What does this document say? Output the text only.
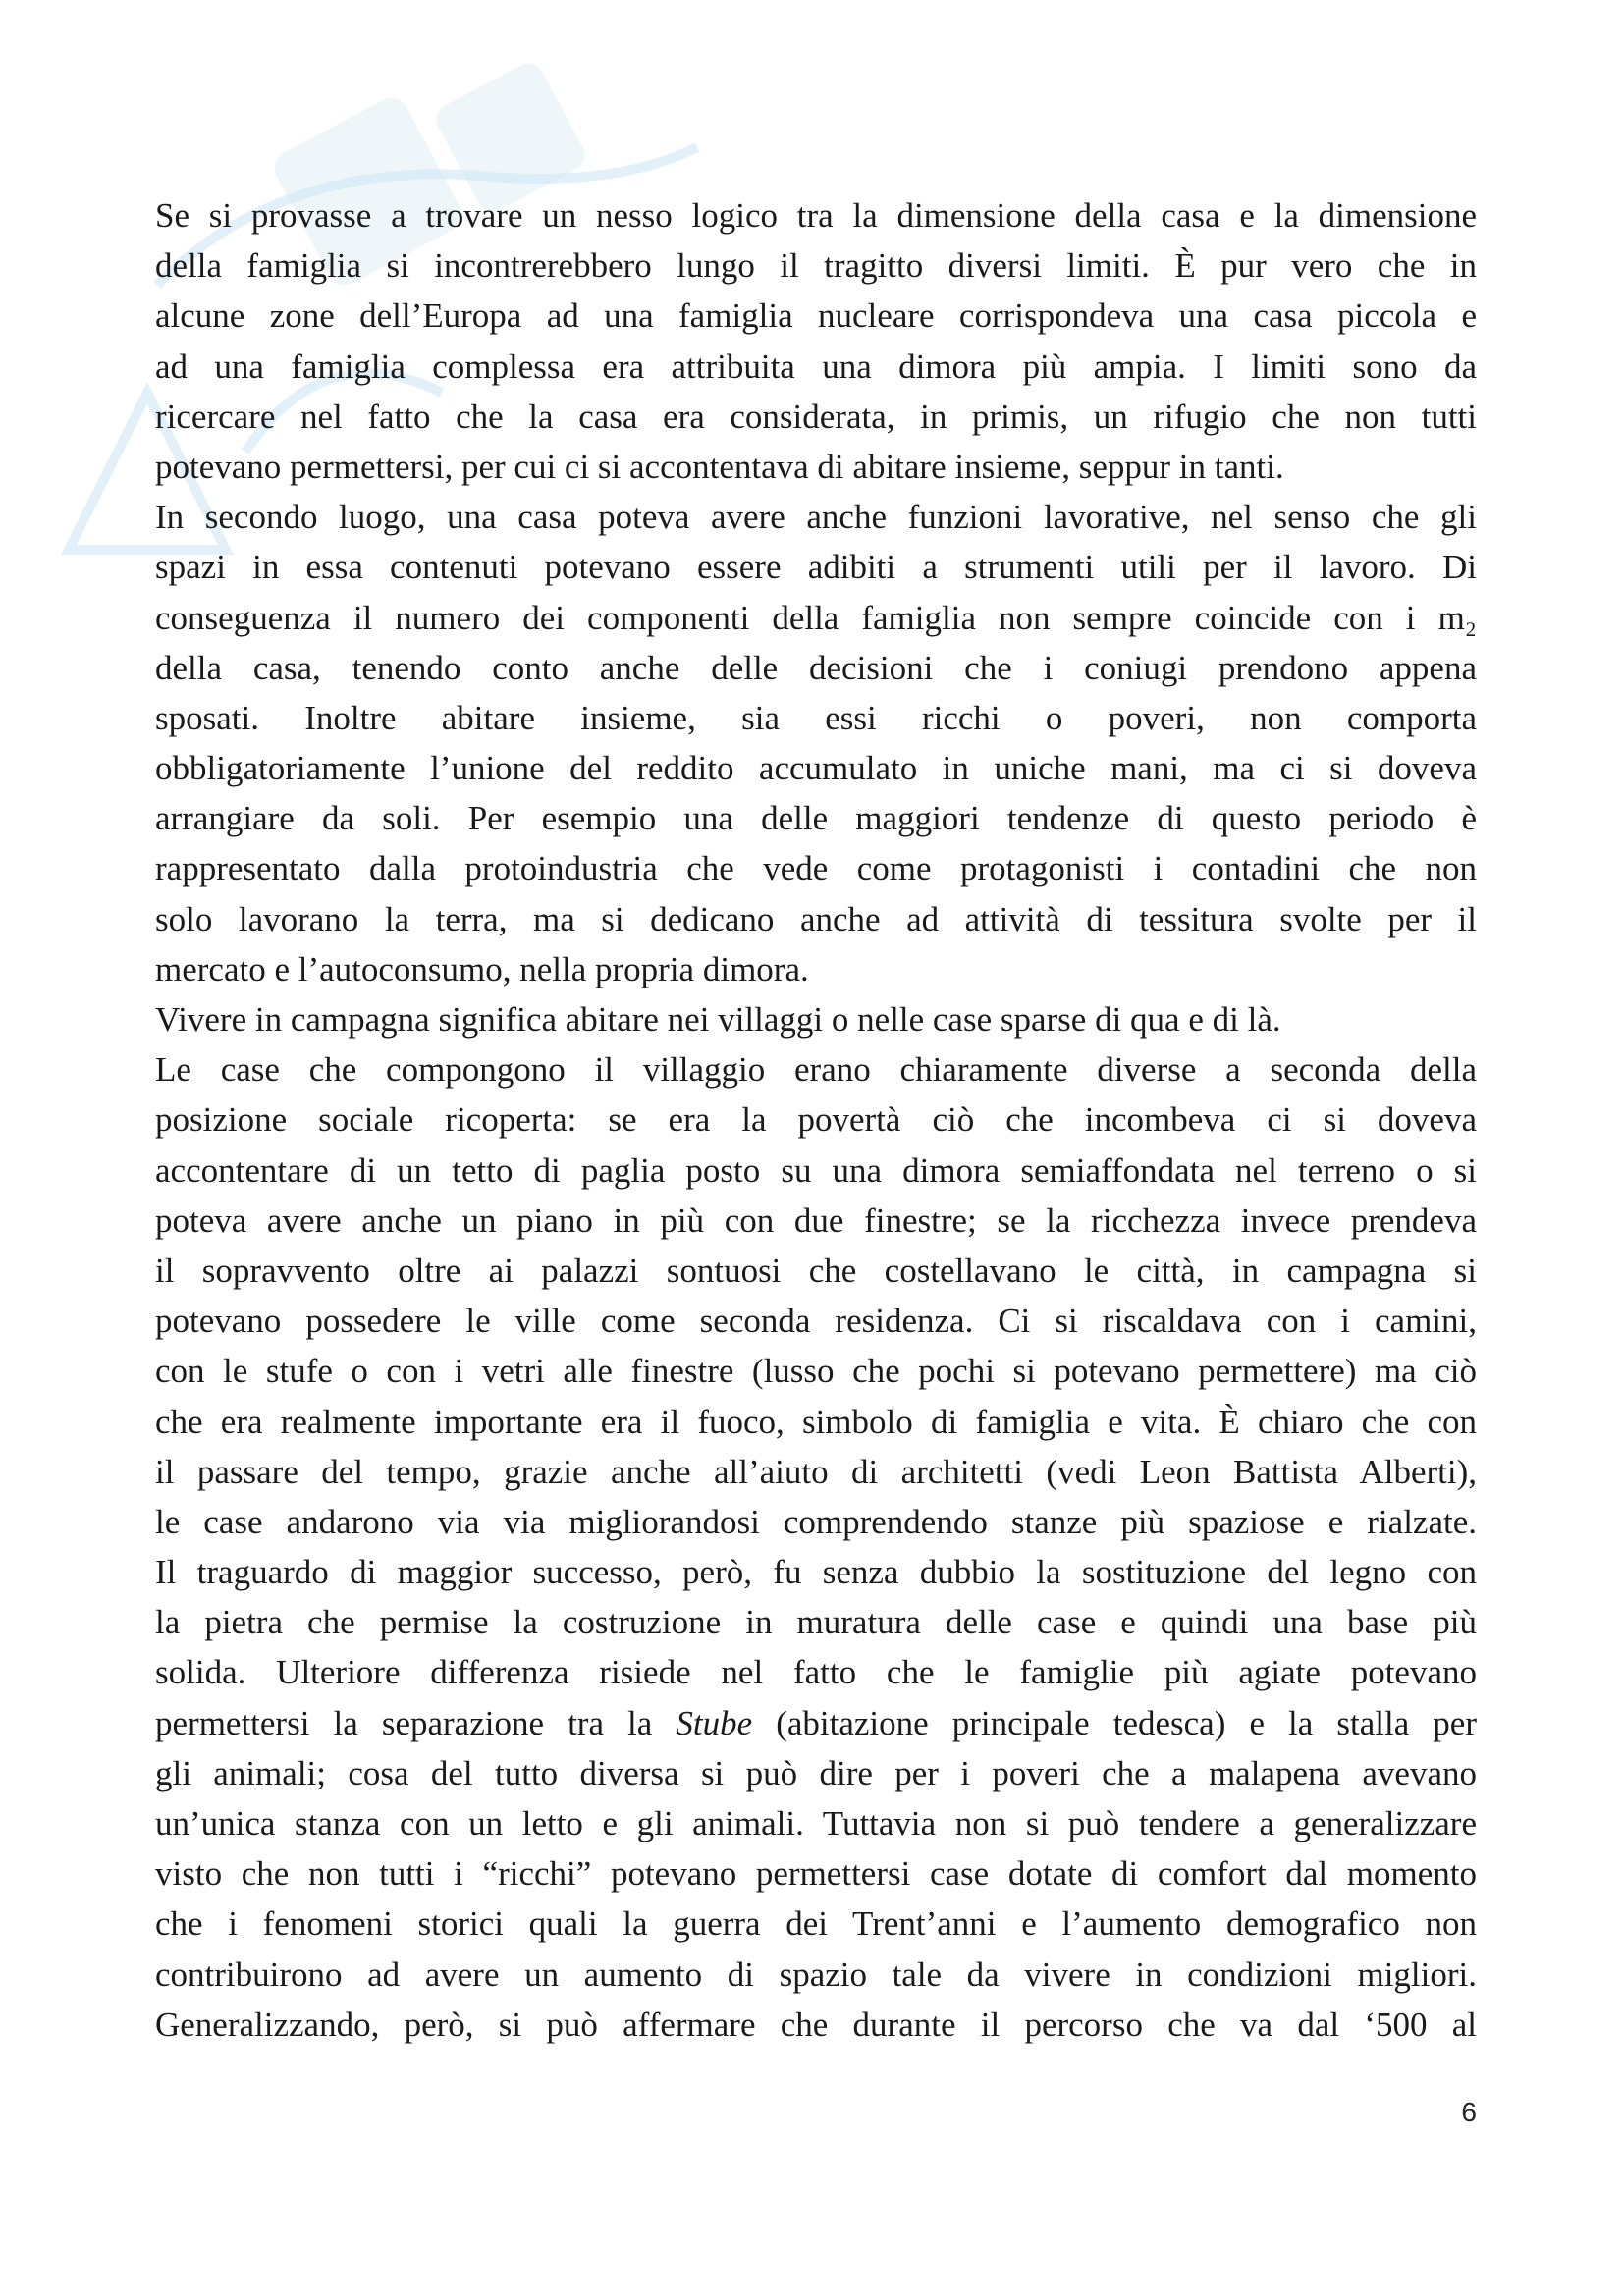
Se si provasse a trovare un nesso logico tra la dimensione della casa e la dimensione
della famiglia si incontrerebbero lungo il tragitto diversi limiti. È pur vero che in
alcune zone dell’Europa ad una famiglia nucleare corrispondeva una casa piccola e
ad una famiglia complessa era attribuita una dimora più ampia. I limiti sono da
ricercare nel fatto che la casa era considerata, in primis, un rifugio che non tutti
potevano permettersi, per cui ci si accontentava di abitare insieme, seppur in tanti.
In secondo luogo, una casa poteva avere anche funzioni lavorative, nel senso che gli
spazi in essa contenuti potevano essere adibiti a strumenti utili per il lavoro. Di
conseguenza il numero dei componenti della famiglia non sempre coincide con i m₂
della casa, tenendo conto anche delle decisioni che i coniugi prendono appena
sposati. Inoltre abitare insieme, sia essi ricchi o poveri, non comporta
obbligatoriamente l’unione del reddito accumulato in uniche mani, ma ci si doveva
arrangiare da soli. Per esempio una delle maggiori tendenze di questo periodo è
rappresentato dalla protoindustria che vede come protagonisti i contadini che non
solo lavorano la terra, ma si dedicano anche ad attività di tessitura svolte per il
mercato e l’autoconsumo, nella propria dimora.
Vivere in campagna significa abitare nei villaggi o nelle case sparse di qua e di là.
Le case che compongono il villaggio erano chiaramente diverse a seconda della
posizione sociale ricoperta: se era la povertà ciò che incombeva ci si doveva
accontentare di un tetto di paglia posto su una dimora semiaffondata nel terreno o si
poteva avere anche un piano in più con due finestre; se la ricchezza invece prendeva
il sopravvento oltre ai palazzi sontuosi che costellavano le città, in campagna si
potevano possedere le ville come seconda residenza. Ci si riscaldava con i camini,
con le stufe o con i vetri alle finestre (lusso che pochi si potevano permettere) ma ciò
che era realmente importante era il fuoco, simbolo di famiglia e vita. È chiaro che con
il passare del tempo, grazie anche all’aiuto di architetti (vedi Leon Battista Alberti),
le case andarono via via migliorandosi comprendendo stanze più spaziose e rialzate.
Il traguardo di maggior successo, però, fu senza dubbio la sostituzione del legno con
la pietra che permise la costruzione in muratura delle case e quindi una base più
solida. Ulteriore differenza risiede nel fatto che le famiglie più agiate potevano
permettersi la separazione tra la Stube (abitazione principale tedesca) e la stalla per
gli animali; cosa del tutto diversa si può dire per i poveri che a malapena avevano
un’unica stanza con un letto e gli animali. Tuttavia non si può tendere a generalizzare
visto che non tutti i “ricchi” potevano permettersi case dotate di comfort dal momento
che i fenomeni storici quali la guerra dei Trent’anni e l’aumento demografico non
contribuirono ad avere un aumento di spazio tale da vivere in condizioni migliori.
Generalizzando, però, si può affermare che durante il percorso che va dal ‘500 al
6
